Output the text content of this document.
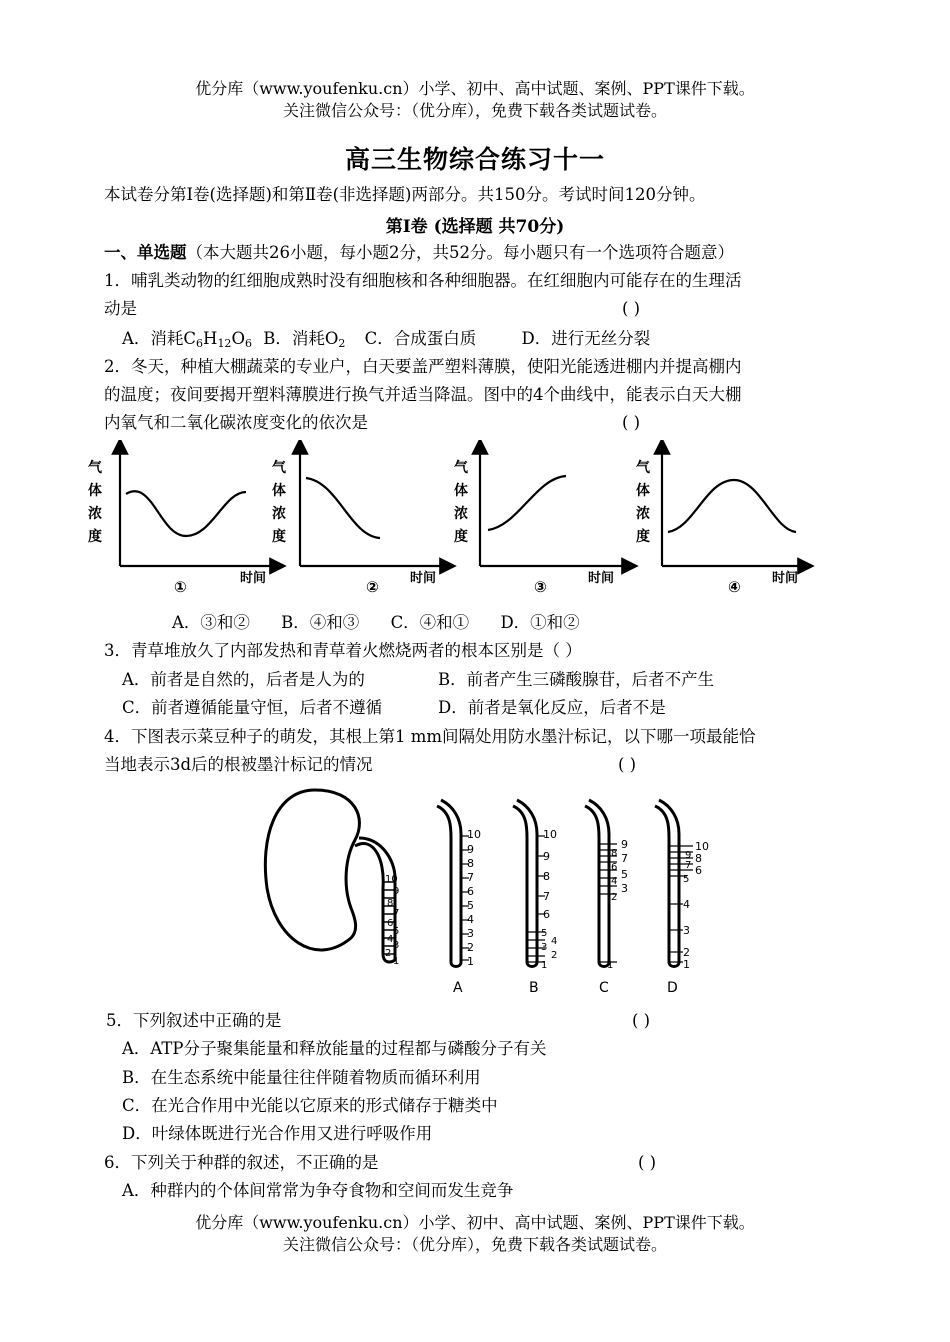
优分库（www.youfenku.cn）小学、初中、高中试题、案例、PPT课件下载。
关注微信公众号：（优分库），免费下载各类试题试卷。
高三生物综合练习十一
本试卷分第Ⅰ卷(选择题)和第Ⅱ卷(非选择题)两部分。共150分。考试时间120分钟。
第Ⅰ卷 (选择题 共70分)
一、单选题（本大题共26小题，每小题2分，共52分。每小题只有一个选项符合题意）
1．哺乳类动物的红细胞成熟时没有细胞核和各种细胞器。在红细胞内可能存在的生理活
动是	( )
A．消耗$C_6H_{12}O_6$ B．消耗$O_2$ C．合成蛋白质	D．进行无丝分裂
2．冬天，种植大棚蔬菜的专业户，白天要盖严塑料薄膜，使阳光能透进棚内并提高棚内
的温度；夜间要揭开塑料薄膜进行换气并适当降温。图中的4个曲线中，能表示白天大棚
内氧气和二氧化碳浓度变化的依次是	( )
气
体
浓
度
时间
①
气
体
浓
度
时间
②
气
体
浓
度
时间
③
气
体
浓
度
时间
④
A．③和② B．④和③ C．④和① D．①和②
3．青草堆放久了内部发热和青草着火燃烧两者的根本区别是（ ）
A．前者是自然的，后者是人为的	B．前者产生三磷酸腺苷，后者不产生
C．前者遵循能量守恒，后者不遵循	D．前者是氧化反应，后者不是
4．下图表示菜豆种子的萌发，其根上第1 mm间隔处用防水墨汁标记，以下哪一项最能恰
当地表示3d后的根被墨汁标记的情况	( )
10
9
8
7
6
5
4
3
2
1
10
9
8
7
6
5
4
3
2
1
A
10
9
8
7
6
5
4
3
2
1
B
9
8 7
6
5
4
3
2
1
C
10
9 8
7 6
5
4
3
2
1
D
5．下列叙述中正确的是	( )
A．ATP分子聚集能量和释放能量的过程都与磷酸分子有关
B．在生态系统中能量往往伴随着物质而循环利用
C．在光合作用中光能以它原来的形式储存于糖类中
D．叶绿体既进行光合作用又进行呼吸作用
6．下列关于种群的叙述，不正确的是	( )
A．种群内的个体间常常为争夺食物和空间而发生竞争
优分库（www.youfenku.cn）小学、初中、高中试题、案例、PPT课件下载。
关注微信公众号：（优分库），免费下载各类试题试卷。
